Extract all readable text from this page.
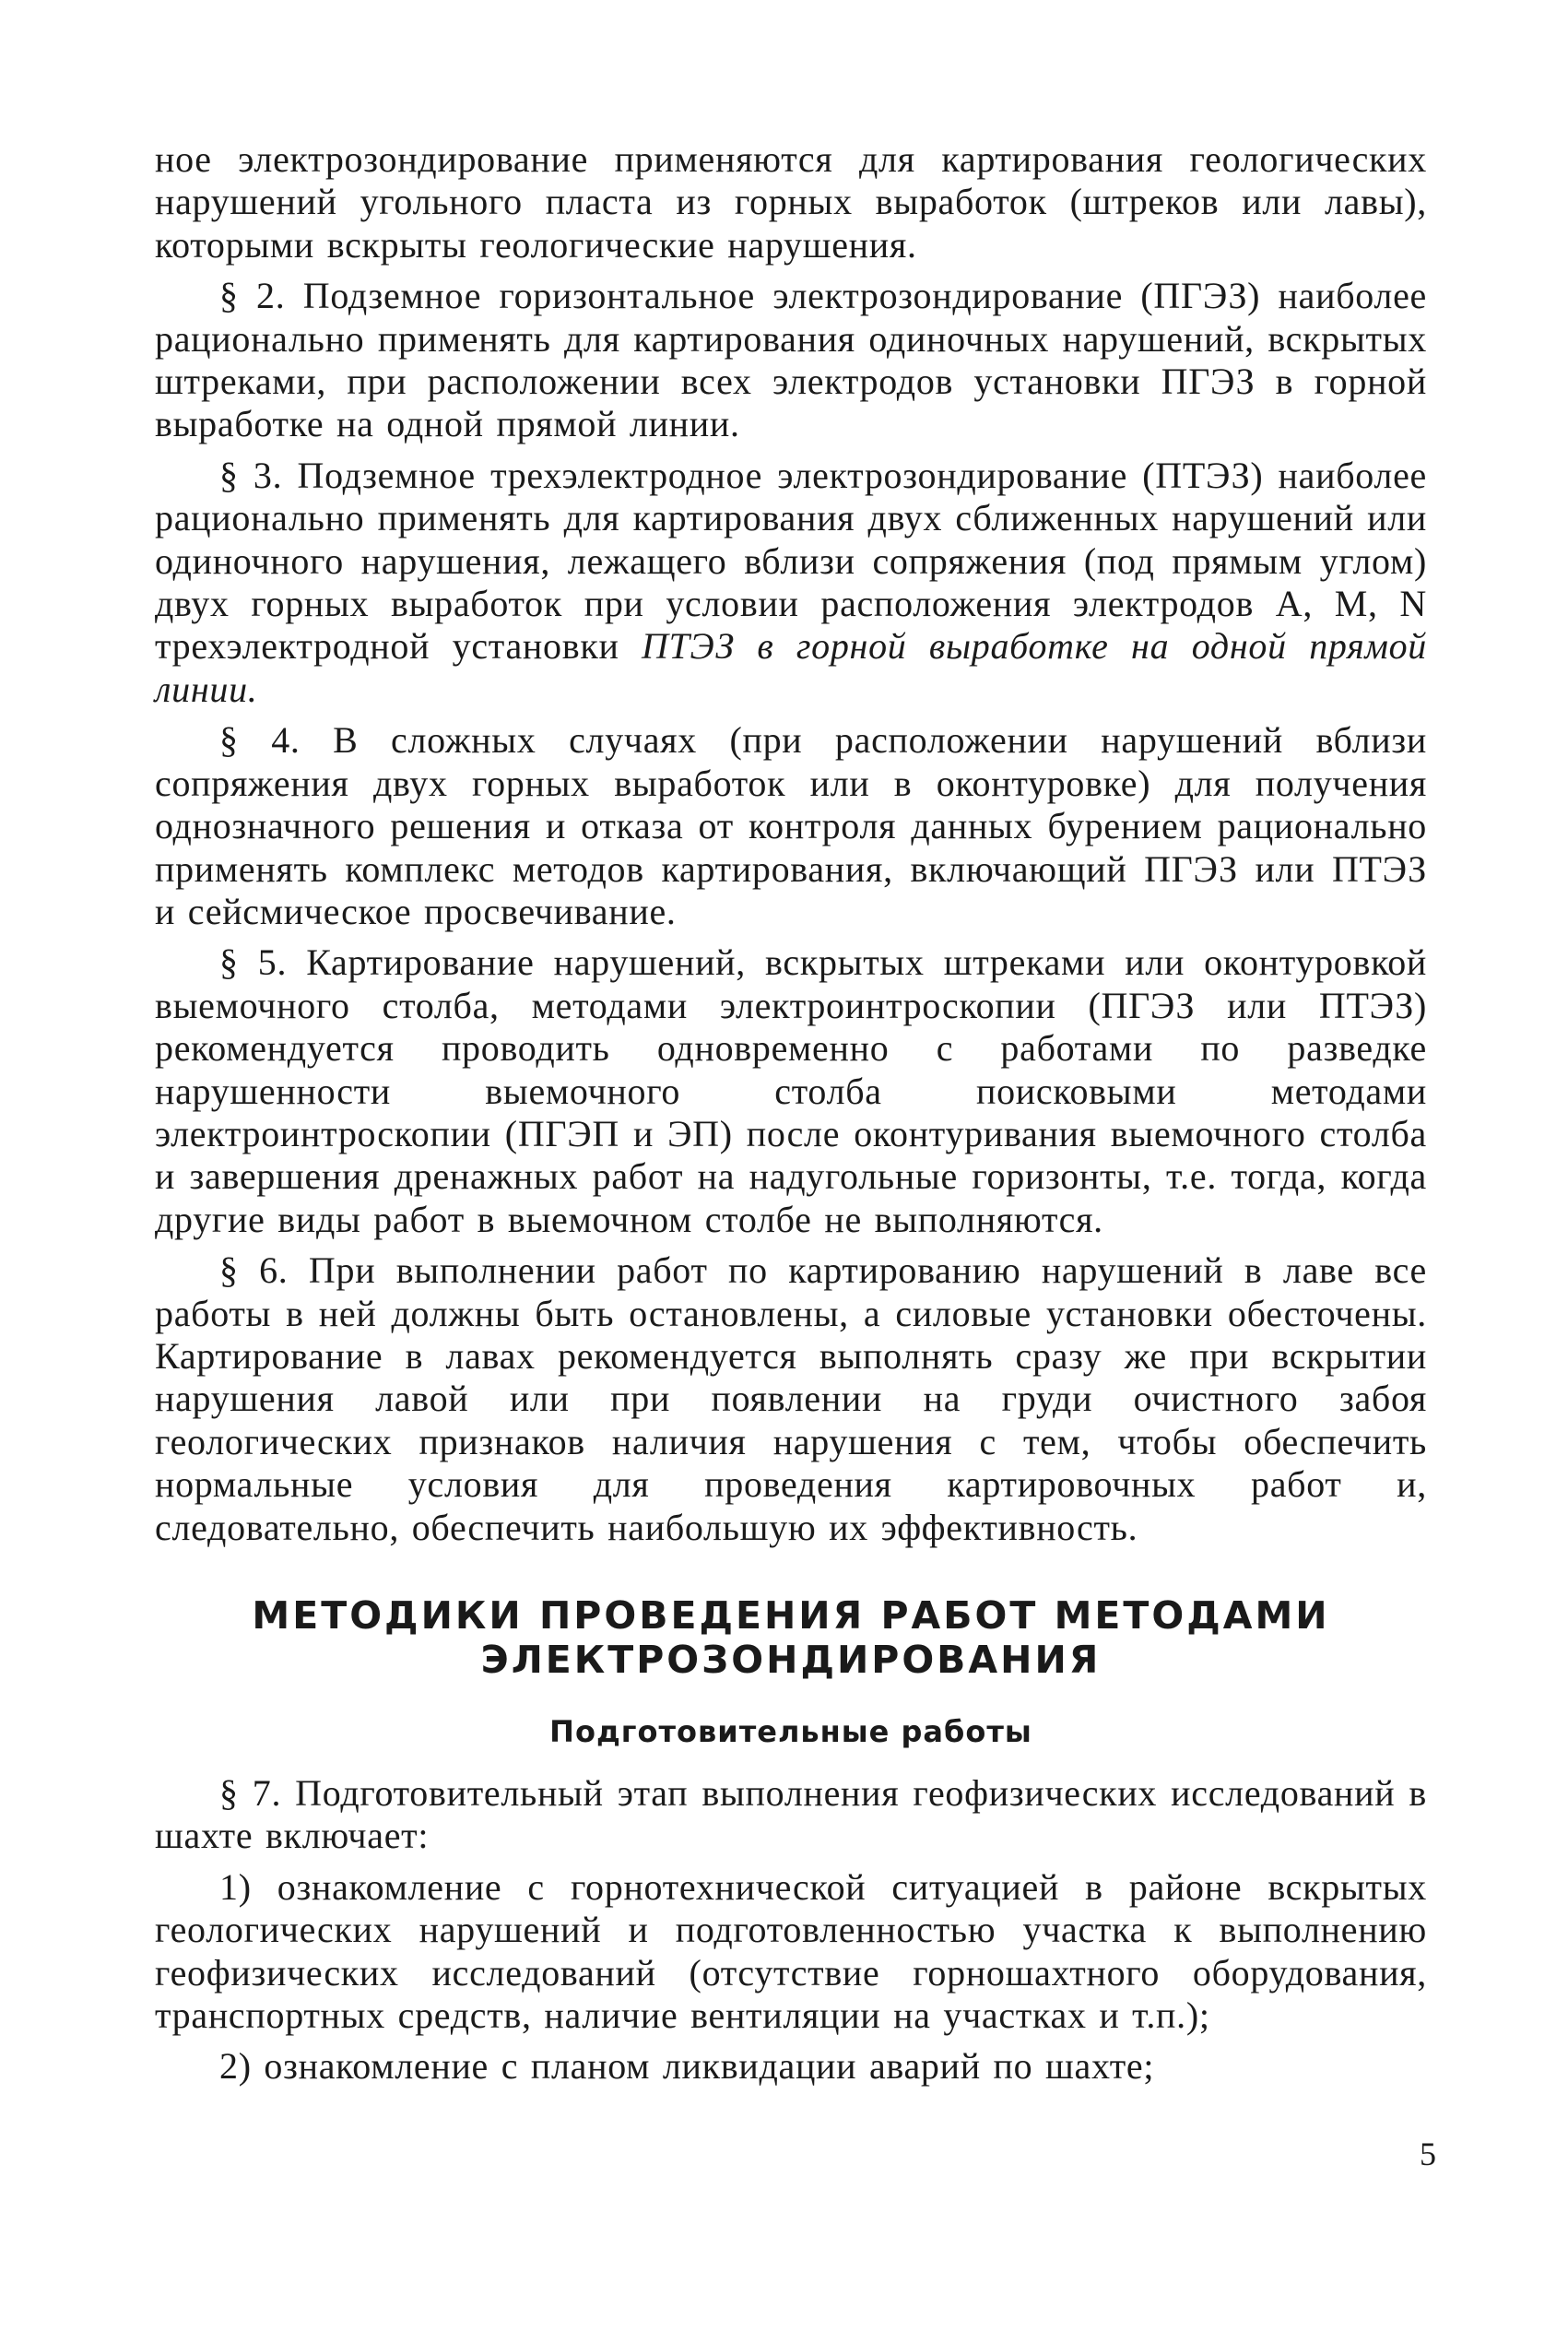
ное электрозондирование применяются для картирования геологических нарушений угольного пласта из горных выработок (штреков или лавы), которыми вскрыты геологические нарушения.

§ 2. Подземное горизонтальное электрозондирование (ПГЭЗ) наиболее рационально применять для картирования одиночных нарушений, вскрытых штреками, при расположении всех электродов установки ПГЭЗ в горной выработке на одной прямой линии.

§ 3. Подземное трехэлектродное электрозондирование (ПТЭЗ) наиболее рационально применять для картирования двух сближенных нарушений или одиночного нарушения, лежащего вблизи сопряжения (под прямым углом) двух горных выработок при условии расположения электродов А, М, N трехэлектродной установки ПТЭЗ в горной выработке на одной прямой линии.

§ 4. В сложных случаях (при расположении нарушений вблизи сопряжения двух горных выработок или в оконтуровке) для получения однозначного решения и отказа от контроля данных бурением рационально применять комплекс методов картирования, включающий ПГЭЗ или ПТЭЗ и сейсмическое просвечивание.

§ 5. Картирование нарушений, вскрытых штреками или оконтуровкой выемочного столба, методами электроинтроскопии (ПГЭЗ или ПТЭЗ) рекомендуется проводить одновременно с работами по разведке нарушенности выемочного столба поисковыми методами электроинтроскопии (ПГЭП и ЭП) после оконтуривания выемочного столба и завершения дренажных работ на надугольные горизонты, т.е. тогда, когда другие виды работ в выемочном столбе не выполняются.

§ 6. При выполнении работ по картированию нарушений в лаве все работы в ней должны быть остановлены, а силовые установки обесточены. Картирование в лавах рекомендуется выполнять сразу же при вскрытии нарушения лавой или при появлении на груди очистного забоя геологических признаков наличия нарушения с тем, чтобы обеспечить нормальные условия для проведения картировочных работ и, следовательно, обеспечить наибольшую их эффективность.

МЕТОДИКИ ПРОВЕДЕНИЯ РАБОТ МЕТОДАМИ
ЭЛЕКТРОЗОНДИРОВАНИЯ
Подготовительные работы

§ 7. Подготовительный этап выполнения геофизических исследований в шахте включает:

1) ознакомление с горнотехнической ситуацией в районе вскрытых геологических нарушений и подготовленностью участка к выполнению геофизических исследований (отсутствие горношахтного оборудования, транспортных средств, наличие вентиляции на участках и т.п.);

2) ознакомление с планом ликвидации аварий по шахте;

5
